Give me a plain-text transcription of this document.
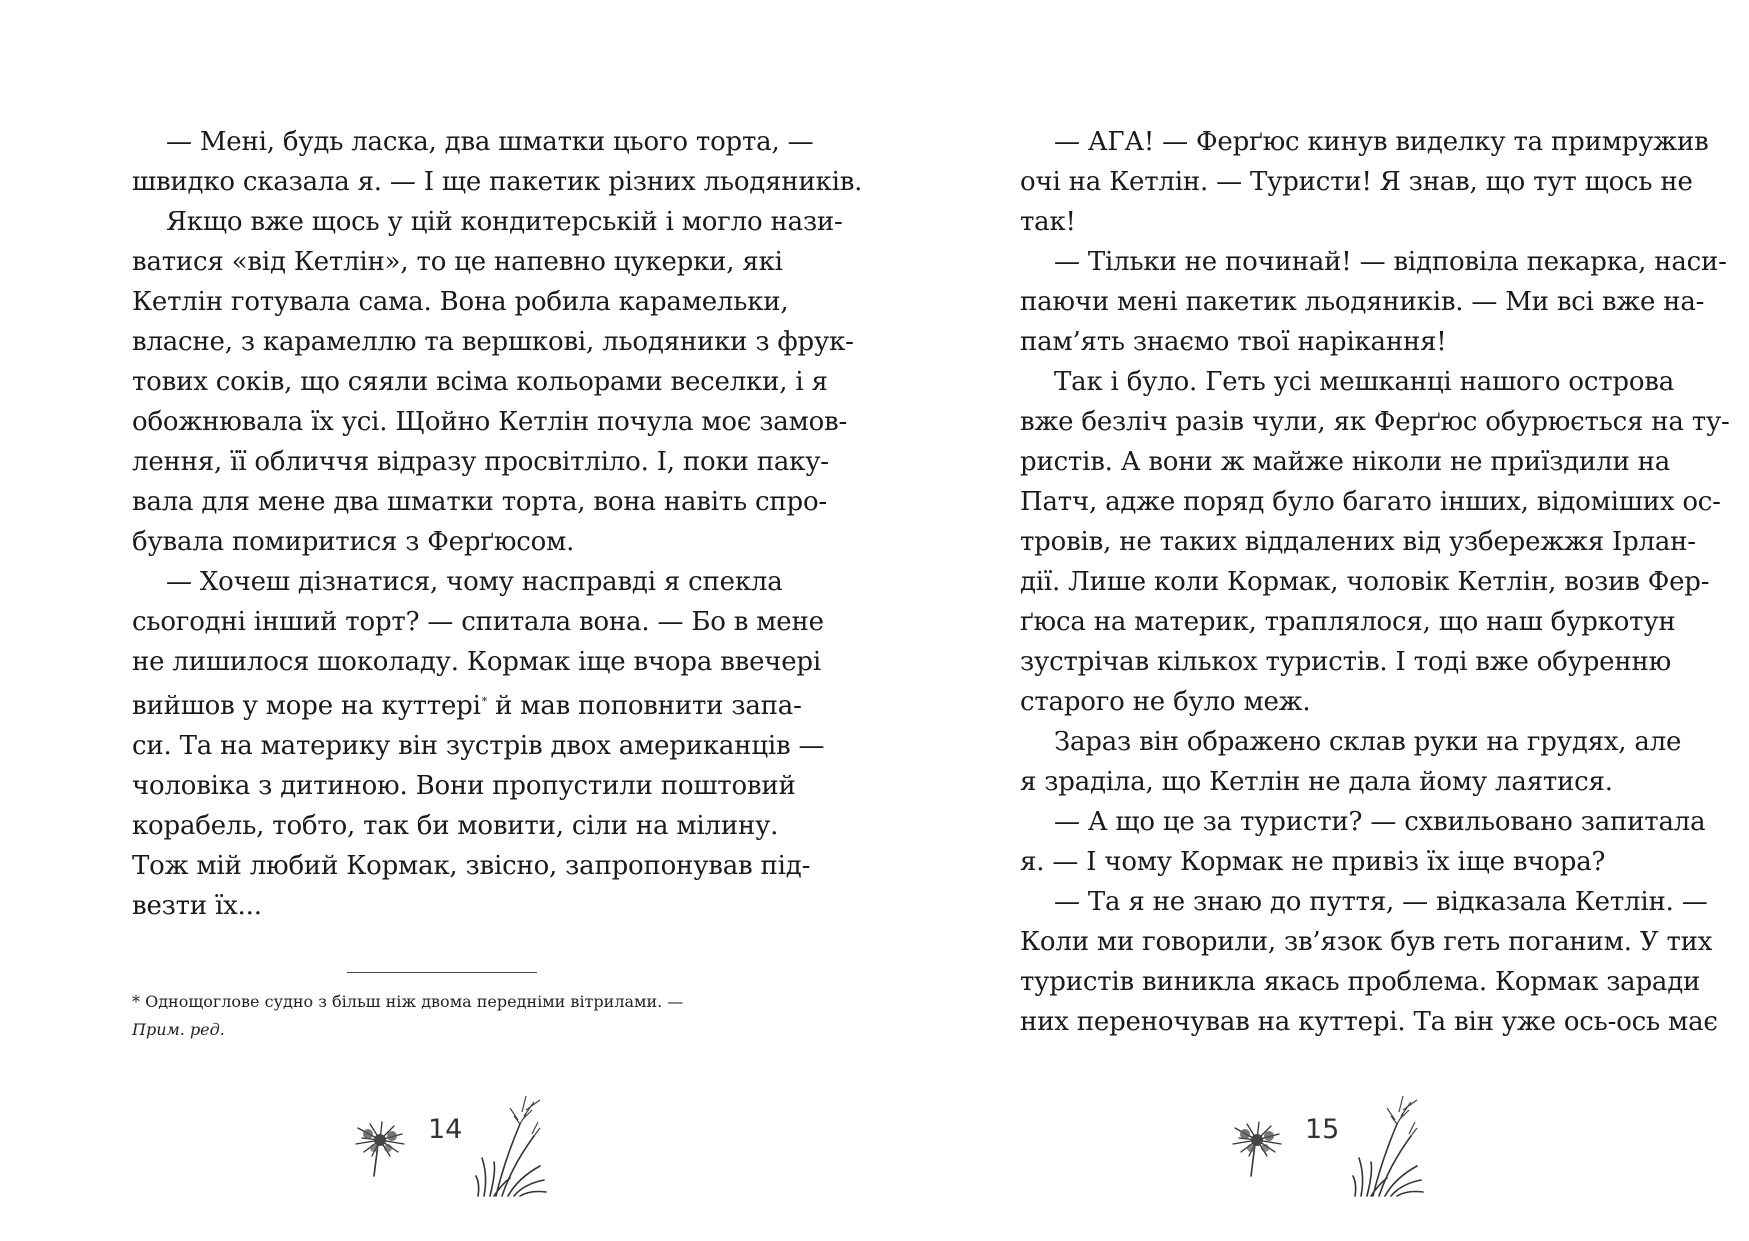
— Мені, будь ласка, два шматки цього торта, —
швидко сказала я. — І ще пакетик різних льодяників.

Якщо вже щось у цій кондитерській і могло нази-
ватися «від Кетлін», то це напевно цукерки, які
Кетлін готувала сама. Вона робила карамельки,
власне, з карамеллю та вершкові, льодяники з фрук-
тових соків, що сяяли всіма кольорами веселки, і я
обожнювала їх усі. Щойно Кетлін почула моє замов-
лення, її обличчя відразу просвітліло. І, поки паку-
вала для мене два шматки торта, вона навіть спро-
бувала помиритися з Ферґюсом.

— Хочеш дізнатися, чому насправді я спекла
сьогодні інший торт? — спитала вона. — Бо в мене
не лишилося шоколаду. Кормак іще вчора ввечері
вийшов у море на куттері* й мав поповнити запа-
си. Та на материку він зустрів двох американців —
чоловіка з дитиною. Вони пропустили поштовий
корабель, тобто, так би мовити, сіли на мілину.
Тож мій любий Кормак, звісно, запропонував під-
везти їх...

* Однощоглове судно з більш ніж двома передніми вітрилами. —
Прим. ред.
14

— АГА! — Ферґюс кинув виделку та примружив
очі на Кетлін. — Туристи! Я знав, що тут щось не
так!

— Тільки не починай! — відповіла пекарка, наси-
паючи мені пакетик льодяників. — Ми всі вже на-
пам’ять знаємо твої нарікання!

Так і було. Геть усі мешканці нашого острова
вже безліч разів чули, як Ферґюс обурюється на ту-
ристів. А вони ж майже ніколи не приїздили на
Патч, адже поряд було багато інших, відоміших ос-
тровів, не таких віддалених від узбережжя Ірлан-
дії. Лише коли Кормак, чоловік Кетлін, возив Фер-
ґюса на материк, траплялося, що наш буркотун
зустрічав кількох туристів. І тоді вже обуренню
старого не було меж.

Зараз він ображено склав руки на грудях, але
я зраділа, що Кетлін не дала йому лаятися.

— А що це за туристи? — схвильовано запитала
я. — І чому Кормак не привіз їх іще вчора?

— Та я не знаю до пуття, — відказала Кетлін. —
Коли ми говорили, зв’язок був геть поганим. У тих
туристів виникла якась проблема. Кормак заради
них переночував на куттері. Та він уже ось-ось має

15
